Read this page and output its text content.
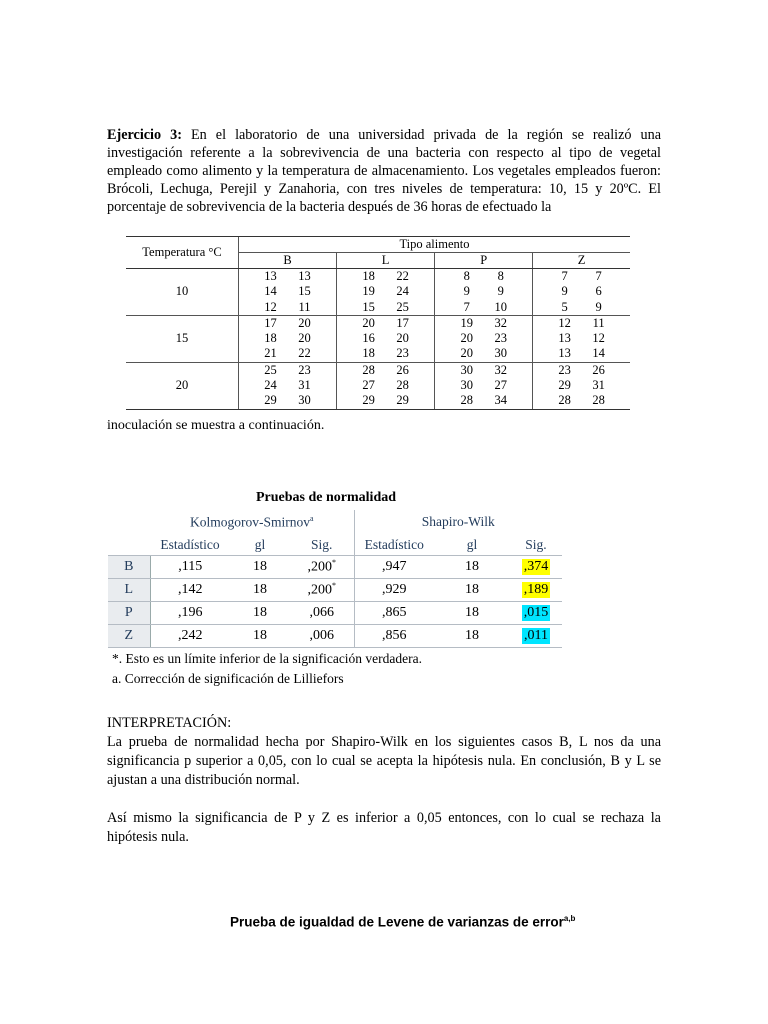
Ejercicio 3: En el laboratorio de una universidad privada de la región se realizó una investigación referente a la sobrevivencia de una bacteria con respecto al tipo de vegetal empleado como alimento y la temperatura de almacenamiento. Los vegetales empleados fueron: Brócoli, Lechuga, Perejil y Zanahoria, con tres niveles de temperatura: 10, 15 y 20ºC. El porcentaje de sobrevivencia de la bacteria después de 36 horas de efectuado la
Temperatura °C	Tipo alimento			
	B	L	P	Z
10	13 13	18 22	8 8	7 7
	14 15	19 24	9 9	9 6
	12 11	15 25	7 10	5 9
15	17 20	20 17	19 32	12 11
	18 20	16 20	20 23	13 12
	21 22	18 23	20 30	13 14
20	25 23	28 26	30 32	23 26
	24 31	27 28	30 27	29 31
	29 30	29 29	28 34	28 28
inoculación se muestra a continuación.
Pruebas de normalidad
	Kolmogorov-Smirnov$^a$			Shapiro-Wilk		
	Estadístico	gl	Sig.	Estadístico	gl	Sig.
B	,115	18	,200*	,947	18	,374
L	,142	18	,200*	,929	18	,189
P	,196	18	,066	,865	18	,015
Z	,242	18	,006	,856	18	,011
*. Esto es un límite inferior de la significación verdadera.
a. Corrección de significación de Lilliefors
INTERPRETACIÓN:

La prueba de normalidad hecha por Shapiro-Wilk en los siguientes casos B, L nos da una significancia p superior a 0,05, con lo cual se acepta la hipótesis nula. En conclusión, B y L se ajustan a una distribución normal.

Así mismo la significancia de P y Z es inferior a 0,05 entonces, con lo cual se rechaza la hipótesis nula.

Prueba de igualdad de Levene de varianzas de error$^{a,b}$
